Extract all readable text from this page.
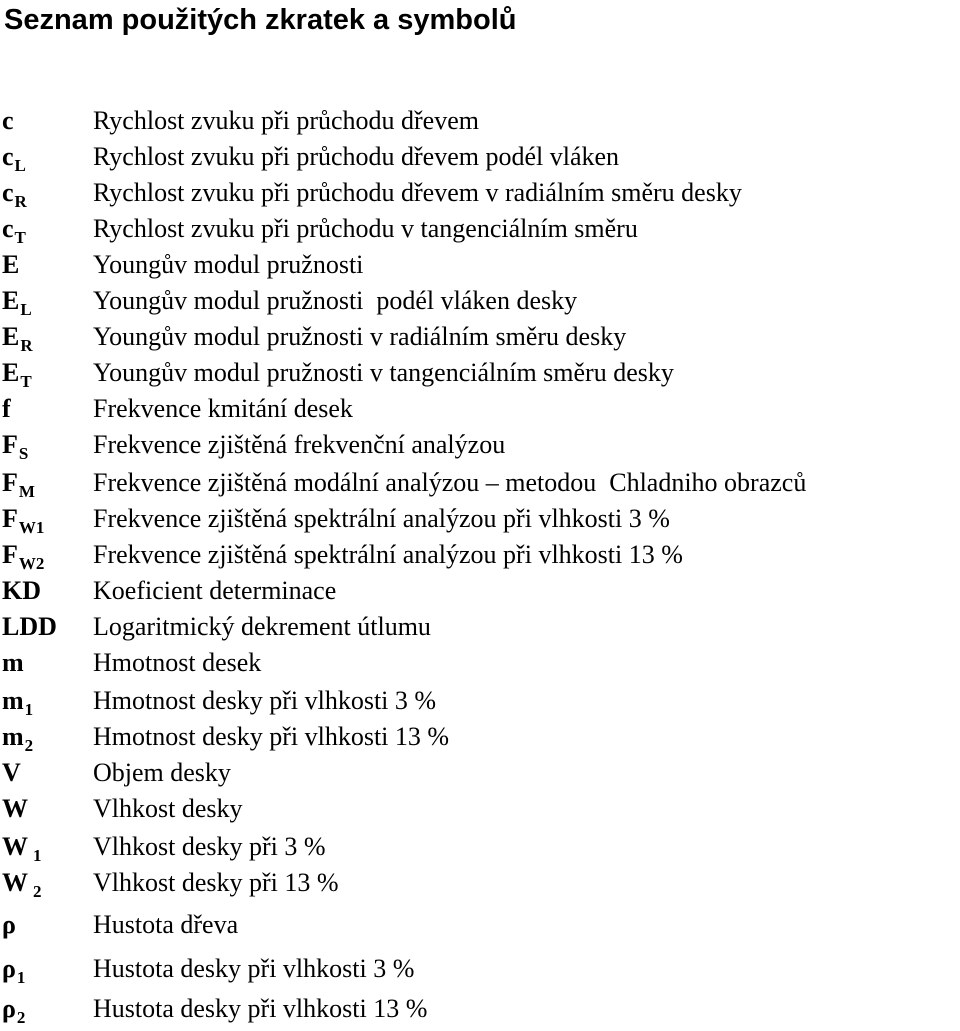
Seznam použitých zkratek a symbolů
c	Rychlost zvuku při průchodu dřevem
$c_L$	Rychlost zvuku při průchodu dřevem podél vláken
$c_R$	Rychlost zvuku při průchodu dřevem v radiálním směru desky
$c_T$	Rychlost zvuku při průchodu v tangenciálním směru
E	Youngův modul pružnosti
$E_L$ Youngův modul pružnosti  podél vláken desky
$E_R$ Youngův modul pružnosti v radiálním směru desky
$E_T$ Youngův modul pružnosti v tangenciálním směru desky
f	Frekvence kmitání desek
$F_S$ Frekvence zjištěná frekvenční analýzou
$F_M$ Frekvence zjištěná modální analýzou – metodou  Chladniho obrazců
$F_{W1}$ Frekvence zjištěná spektrální analýzou při vlhkosti 3 %
$F_{W2}$ Frekvence zjištěná spektrální analýzou při vlhkosti 13 %
KD Koeficient determinace
LDD Logaritmický dekrement útlumu
m	Hmotnost desek
$m_1$ Hmotnost desky při vlhkosti 3 %
$m_2$ Hmotnost desky při vlhkosti 13 %
V	Objem desky
W	Vlhkost desky
W $_1$ Vlhkost desky při 3 %
W $_2$ Vlhkost desky při 13 %
ρ	Hustota dřeva
$\rho_1$	Hustota desky při vlhkosti 3 %
$\rho_2$	Hustota desky při vlhkosti 13 %
